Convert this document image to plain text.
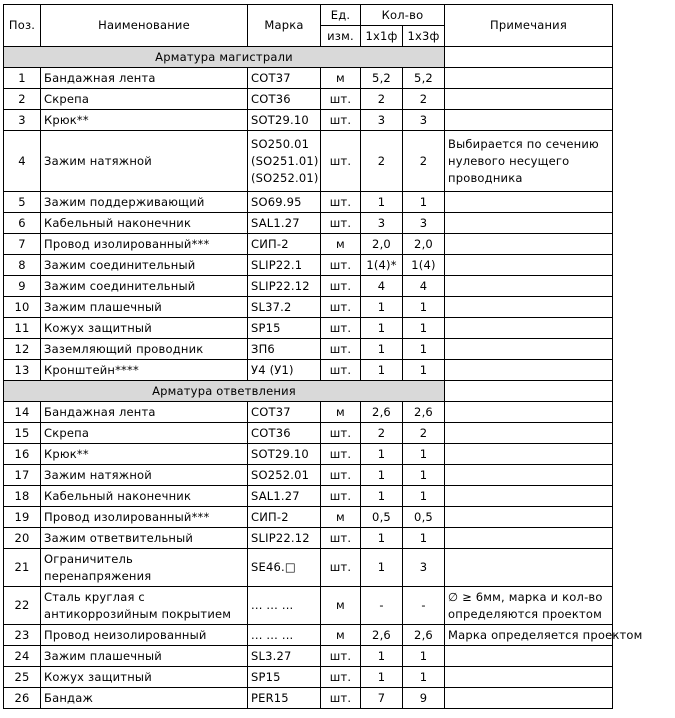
Поз.	Наименование	Марка	Ед.	Кол-во		Примечания
			изм.	1х1ф	1х3ф	
Арматура магистрали						
1	Бандажная лента	COT37	м	5,2	5,2	
2	Скрепа	COT36	шт.	2	2	
3	Крюк**	SOT29.10	шт.	3	3	
4	Зажим натяжной	SO250.01
(SO251.01)
(SO252.01)	шт.	2	2	Выбирается по сечению
нулевого несущего
проводника

5	Зажим поддерживающий	SO69.95	шт.	1	1	
6	Кабельный наконечник	SAL1.27	шт.	3	3	
7	Провод изолированный***	СИП-2	м	2,0	2,0	
8	Зажим соединительный	SLIP22.1	шт.	1(4)*	1(4)	
9	Зажим соединительный	SLIP22.12	шт.	4	4	
10	Зажим плашечный	SL37.2	шт.	1	1	
11	Кожух защитный	SP15	шт.	1	1	
12	Заземляющий проводник	ЗП6	шт.	1	1	
13	Кронштейн****	У4 (У1)	шт.	1	1	
Арматура ответвления						
14	Бандажная лента	COT37	м	2,6	2,6	
15	Скрепа	COT36	шт.	2	2	
16	Крюк**	SOT29.10	шт.	1	1	
17	Зажим натяжной	SO252.01	шт.	1	1	
18	Кабельный наконечник	SAL1.27	шт.	1	1	
19	Провод изолированный***	СИП-2	м	0,5	0,5	
20	Зажим ответвительный	SLIP22.12	шт.	1	1	
21	Ограничитель
перенапряжения	SE46.□	шт.	1	3	
22	Сталь круглая с
антикоррозийным покрытием	... ... ...	м	-	-	∅ ≥ 6мм, марка и кол-во
определяются проектом

23	Провод неизолированный	... ... ...	м	2,6	2,6	Марка определяется проектом

24	Зажим плашечный	SL3.27	шт.	1	1	
25	Кожух защитный	SP15	шт.	1	1	
26	Бандаж	PER15	шт.	7	9	
